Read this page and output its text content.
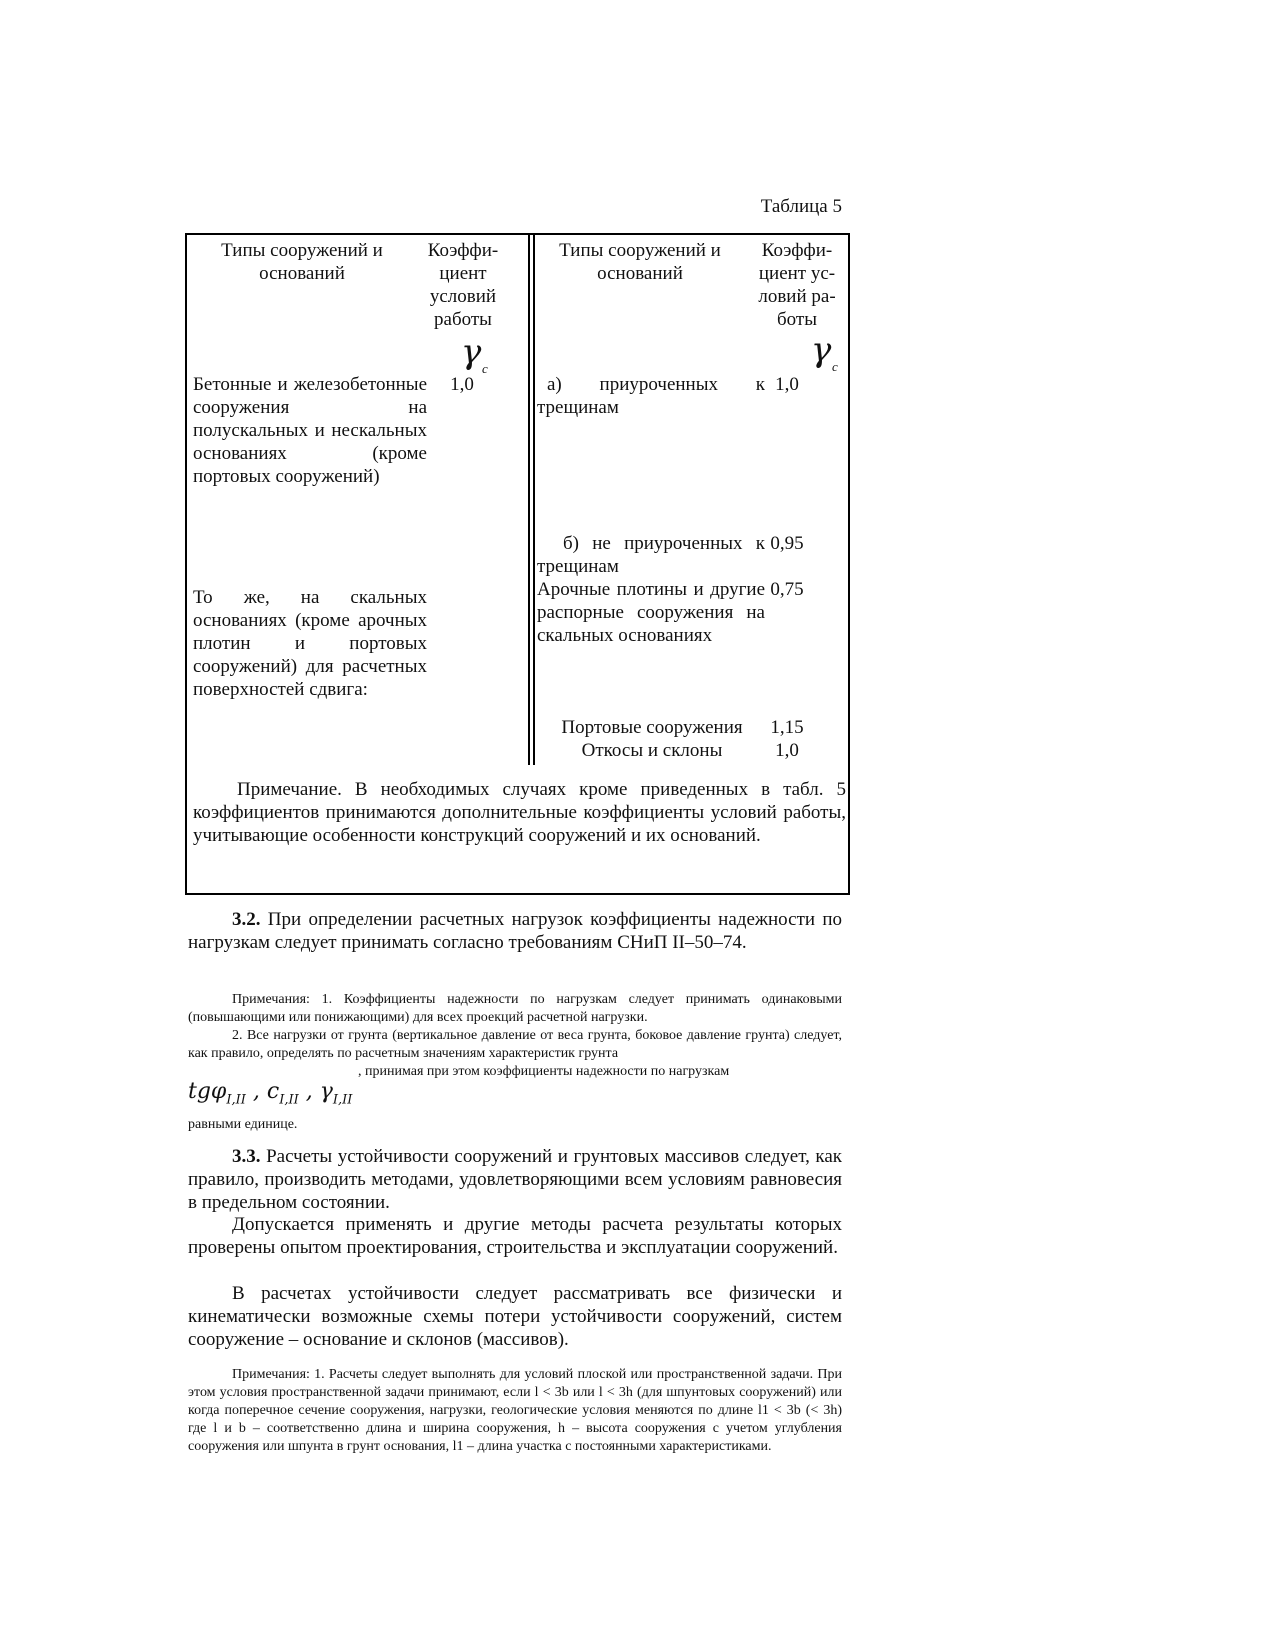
Таблица 5
Типы сооружений и оснований
Коэффи-
циент
условий
работы
γ c
Типы сооружений и оснований
Коэффи-
циент ус-
ловий ра-
боты
γ c
Бетонные и железобетонные сооружения на полускальных и нескальных основаниях (кроме портовых сооружений)
1,0
То же, на скальных основаниях (кроме арочных плотин и портовых сооружений) для расчетных поверхностей сдвига:
а) приуроченных к трещинам
1,0
б) не приуроченных к трещинам
0,95
Арочные плотины и другие распорные сооружения на скальных основаниях
0,75
Портовые сооружения	1,15
Откосы и склоны	1,0
Примечание. В необходимых случаях кроме приведенных в табл. 5 коэффициентов принимаются дополнительные коэффициенты условий работы, учитывающие особенности конструкций сооружений и их оснований.
3.2. При определении расчетных нагрузок коэффициенты надежности по нагрузкам следует принимать согласно требованиям СНиП II–50–74.
Примечания: 1. Коэффициенты надежности по нагрузкам следует принимать одинаковыми (повышающими или понижающими) для всех проекций расчетной нагрузки.
2. Все нагрузки от грунта (вертикальное давление от веса грунта, боковое давление грунта) следует, как правило, определять по расчетным значениям характеристик грунта
, принимая при этом коэффициенты надежности по нагрузкам
tgφ$_{I,II}$ , $c_{I,II}$ , $\gamma_{I,II}$
равными единице.
3.3. Расчеты устойчивости сооружений и грунтовых массивов следует, как правило, производить методами, удовлетворяющими всем условиям равновесия в предельном состоянии.
Допускается применять и другие методы расчета результаты которых проверены опытом проектирования, строительства и эксплуатации сооружений.
В расчетах устойчивости следует рассматривать все физически и кинематически возможные схемы потери устойчивости сооружений, систем сооружение – основание и склонов (массивов).
Примечания: 1. Расчеты следует выполнять для условий плоской или пространственной задачи. При этом условия пространственной задачи принимают, если l < 3b или l < 3h (для шпунтовых сооружений) или когда поперечное сечение сооружения, нагрузки, геологические условия меняются по длине l1 < 3b (< 3h) где l и b – соответственно длина и ширина сооружения, h – высота сооружения с учетом углубления сооружения или шпунта в грунт основания, l1 – длина участка с постоянными характеристиками.
